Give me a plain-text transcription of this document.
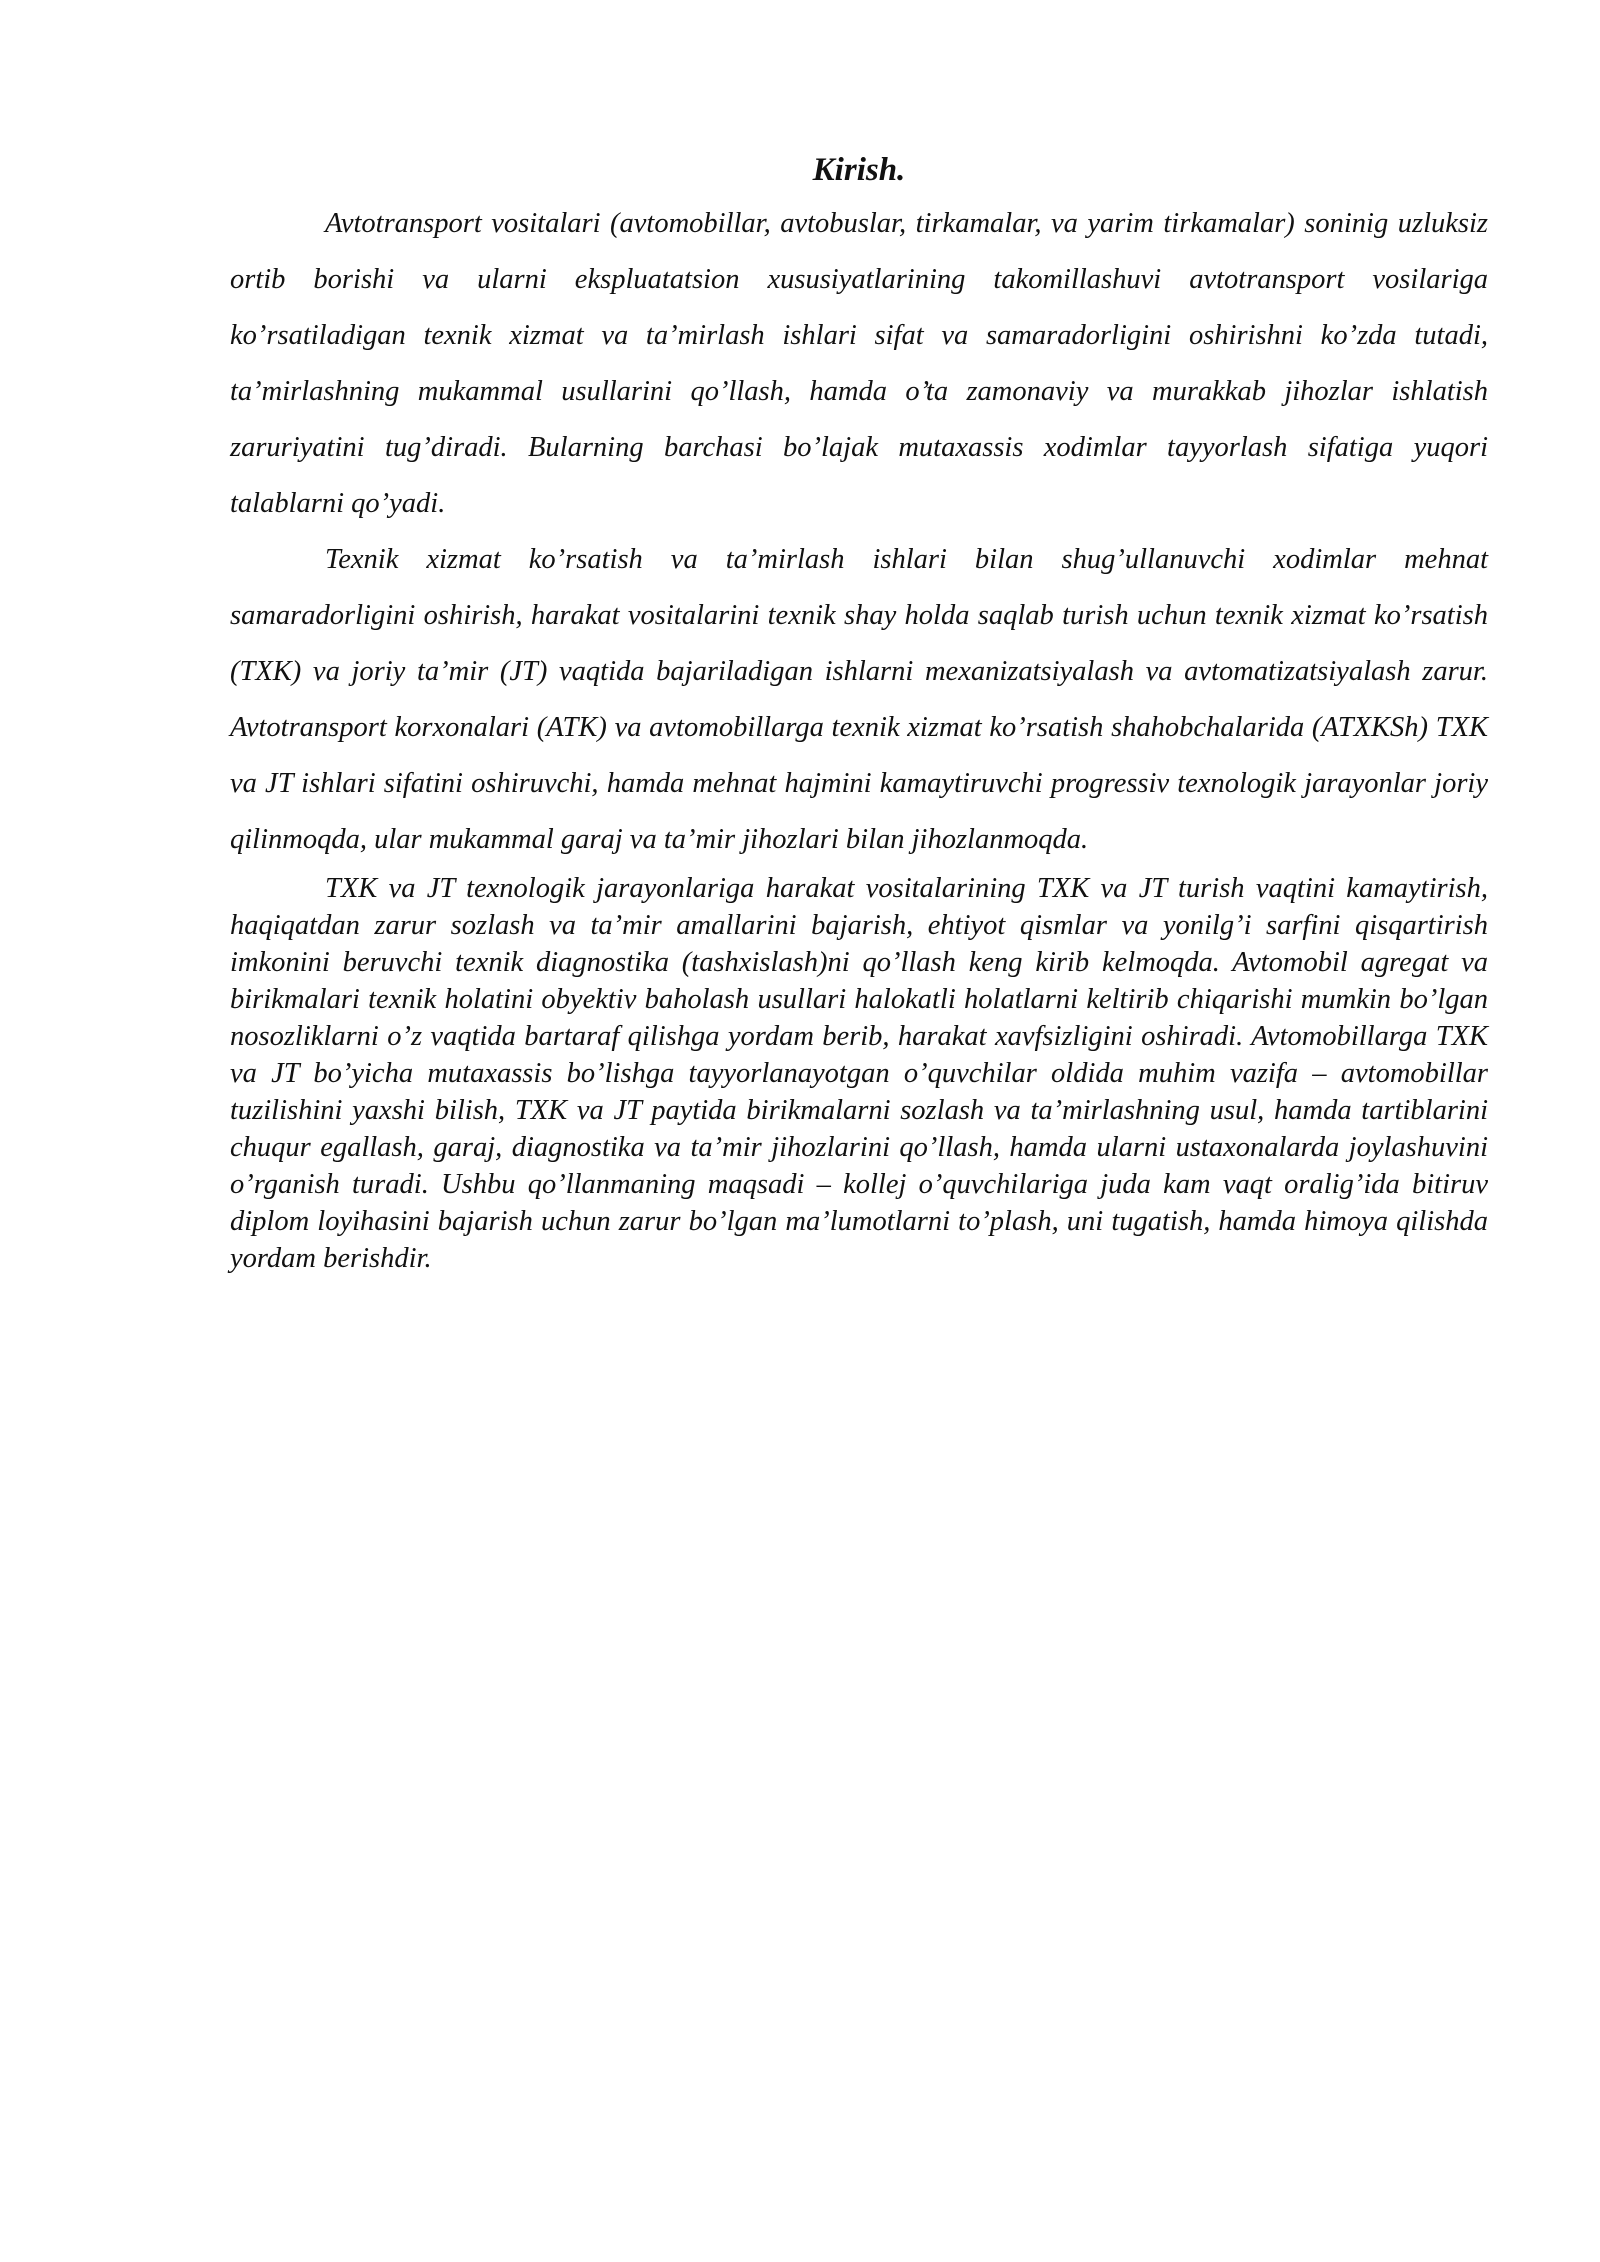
Kirish.

Avtotransport vositalari (avtomobillar, avtobuslar, tirkamalar, va yarim tirkamalar) soninig uzluksiz ortib borishi va ularni ekspluatatsion xususiyatlarining takomillashuvi avtotransport vosilariga ko’rsatiladigan texnik xizmat va ta’mirlash ishlari sifat va samaradorligini oshirishni ko’zda tutadi, ta’mirlashning mukammal usullarini qo’llash, hamda o’ta zamonaviy va murakkab jihozlar ishlatish zaruriyatini tug’diradi. Bularning barchasi bo’lajak mutaxassis xodimlar tayyorlash sifatiga yuqori talablarni qo’yadi.

Texnik xizmat ko’rsatish va ta’mirlash ishlari bilan shug’ullanuvchi xodimlar mehnat samaradorligini oshirish, harakat vositalarini texnik shay holda saqlab turish uchun texnik xizmat ko’rsatish (TXK) va joriy ta’mir (JT) vaqtida bajariladigan ishlarni mexanizatsiyalash va avtomatizatsiyalash zarur. Avtotransport korxonalari (ATK) va avtomobillarga texnik xizmat ko’rsatish shahobchalarida (ATXKSh) TXK va JT ishlari sifatini oshiruvchi, hamda mehnat hajmini kamaytiruvchi progressiv texnologik jarayonlar joriy qilinmoqda, ular mukammal garaj va ta’mir jihozlari bilan jihozlanmoqda.

TXK va JT texnologik jarayonlariga harakat vositalarining TXK va JT turish vaqtini kamaytirish, haqiqatdan zarur sozlash va ta’mir amallarini bajarish, ehtiyot qismlar va yonilg’i sarfini qisqartirish imkonini beruvchi texnik diagnostika (tashxislash)ni qo’llash keng kirib kelmoqda. Avtomobil agregat va birikmalari texnik holatini obyektiv baholash usullari halokatli holatlarni keltirib chiqarishi mumkin bo’lgan nosozliklarni o’z vaqtida bartaraf qilishga yordam berib, harakat xavfsizligini oshiradi. Avtomobillarga TXK va JT bo’yicha mutaxassis bo’lishga tayyorlanayotgan o’quvchilar oldida muhim vazifa – avtomobillar tuzilishini yaxshi bilish, TXK va JT paytida birikmalarni sozlash va ta’mirlashning usul, hamda tartiblarini chuqur egallash, garaj, diagnostika va ta’mir jihozlarini qo’llash, hamda ularni ustaxonalarda joylashuvini o’rganish turadi. Ushbu qo’llanmaning maqsadi – kollej o’quvchilariga juda kam vaqt oralig’ida bitiruv diplom loyihasini bajarish uchun zarur bo’lgan ma’lumotlarni to’plash, uni tugatish, hamda himoya qilishda yordam berishdir.
